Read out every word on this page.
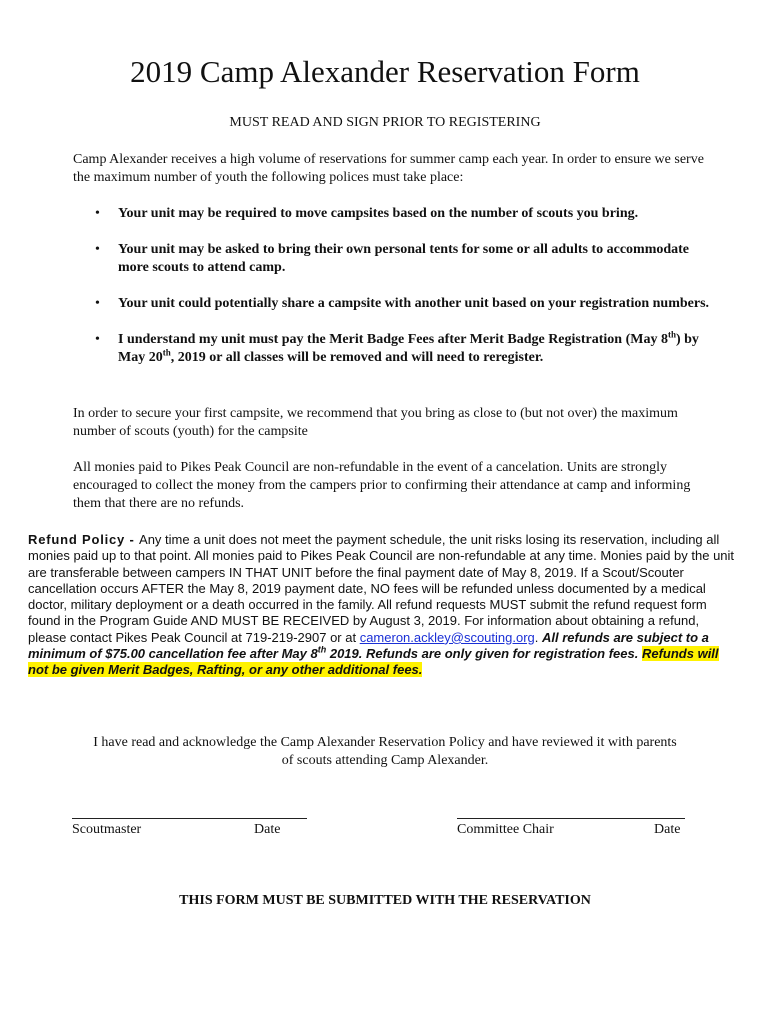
2019 Camp Alexander Reservation Form
MUST READ AND SIGN PRIOR TO REGISTERING
Camp Alexander receives a high volume of reservations for summer camp each year. In order to ensure we serve the maximum number of youth the following polices must take place:
• Your unit may be required to move campsites based on the number of scouts you bring.
• Your unit may be asked to bring their own personal tents for some or all adults to accommodate more scouts to attend camp.
• Your unit could potentially share a campsite with another unit based on your registration numbers.
• I understand my unit must pay the Merit Badge Fees after Merit Badge Registration (May 8th) by May 20th, 2019 or all classes will be removed and will need to reregister.
In order to secure your first campsite, we recommend that you bring as close to (but not over) the maximum number of scouts (youth) for the campsite
All monies paid to Pikes Peak Council are non-refundable in the event of a cancelation. Units are strongly encouraged to collect the money from the campers prior to confirming their attendance at camp and informing them that there are no refunds.
Refund Policy - Any time a unit does not meet the payment schedule, the unit risks losing its reservation, including all monies paid up to that point. All monies paid to Pikes Peak Council are non-refundable at any time. Monies paid by the unit are transferable between campers IN THAT UNIT before the final payment date of May 8, 2019. If a Scout/Scouter cancellation occurs AFTER the May 8, 2019 payment date, NO fees will be refunded unless documented by a medical doctor, military deployment or a death occurred in the family. All refund requests MUST submit the refund request form found in the Program Guide AND MUST BE RECEIVED by August 3, 2019. For information about obtaining a refund, please contact Pikes Peak Council at 719-219-2907 or at cameron.ackley@scouting.org. All refunds are subject to a minimum of $75.00 cancellation fee after May 8th 2019. Refunds are only given for registration fees. Refunds will not be given Merit Badges, Rafting, or any other additional fees.
I have read and acknowledge the Camp Alexander Reservation Policy and have reviewed it with parents
of scouts attending Camp Alexander.
Scoutmaster	Date	Committee Chair	Date
THIS FORM MUST BE SUBMITTED WITH THE RESERVATION
